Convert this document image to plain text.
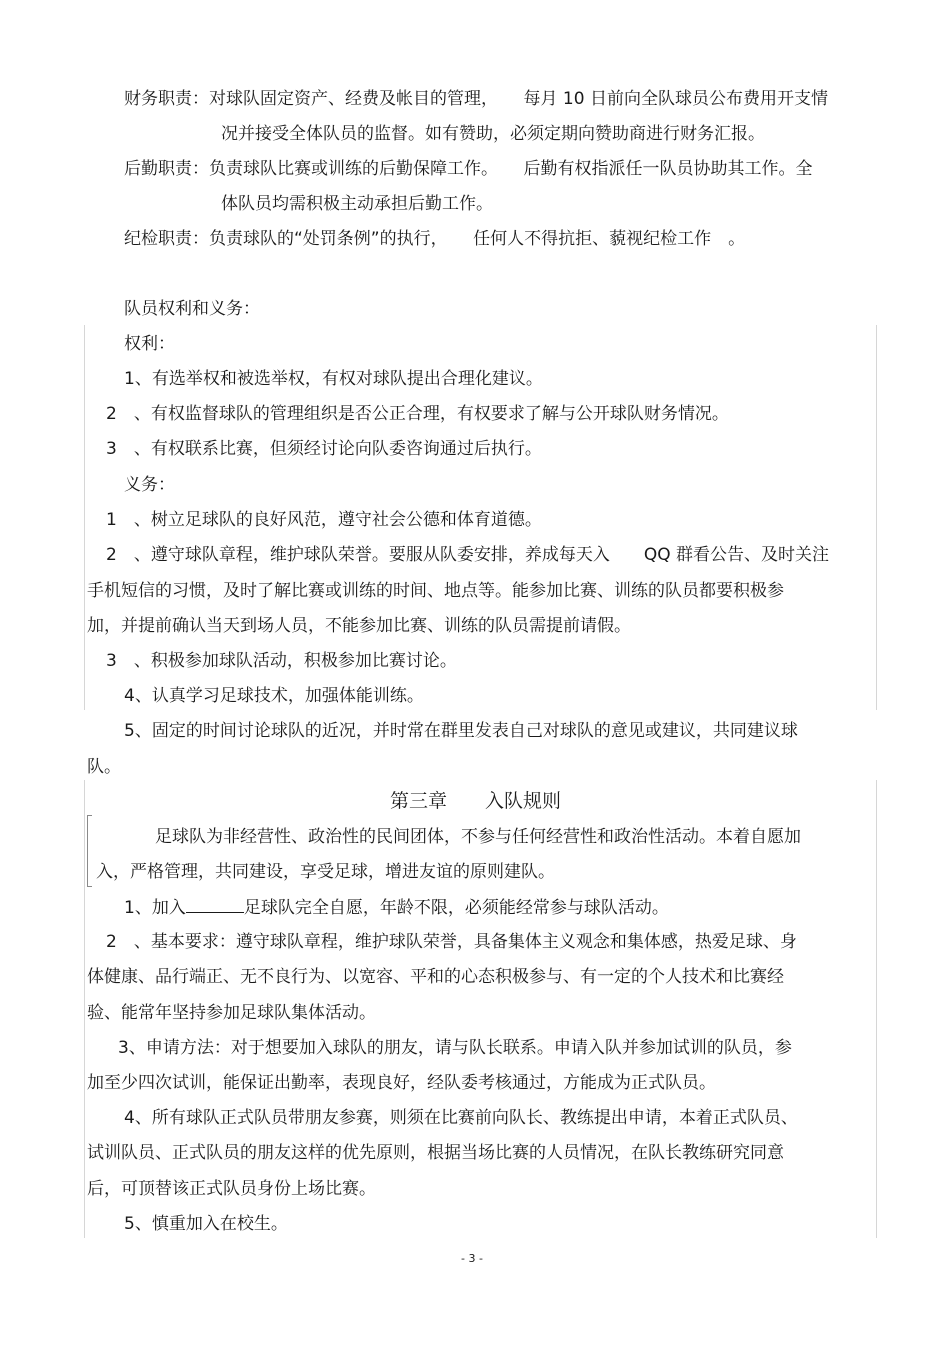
财务职责：对球队固定资产、经费及帐目的管理，　　每月 10 日前向全队球员公布费用开支情
况并接受全体队员的监督。如有赞助，必须定期向赞助商进行财务汇报。
后勤职责：负责球队比赛或训练的后勤保障工作。　　后勤有权指派任一队员协助其工作。全
体队员均需积极主动承担后勤工作。
纪检职责：负责球队的“处罚条例”的执行，　　任何人不得抗拒、藐视纪检工作　。
队员权利和义务：
权利：
1、有选举权和被选举权，有权对球队提出合理化建议。
2　、有权监督球队的管理组织是否公正合理，有权要求了解与公开球队财务情况。
3　、有权联系比赛，但须经讨论向队委咨询通过后执行。
义务：
1　、树立足球队的良好风范，遵守社会公德和体育道德。
2　、遵守球队章程，维护球队荣誉。要服从队委安排，养成每天入　　QQ 群看公告、及时关注
手机短信的习惯，及时了解比赛或训练的时间、地点等。能参加比赛、训练的队员都要积极参
加，并提前确认当天到场人员，不能参加比赛、训练的队员需提前请假。
3　、积极参加球队活动，积极参加比赛讨论。
4、认真学习足球技术，加强体能训练。
5、固定的时间讨论球队的近况，并时常在群里发表自己对球队的意见或建议，共同建议球
队。
第三章　　入队规则
足球队为非经营性、政治性的民间团体，不参与任何经营性和政治性活动。本着自愿加
入，严格管理，共同建设，享受足球，增进友谊的原则建队。
1、加入	足球队完全自愿，年龄不限，必须能经常参与球队活动。
2　、基本要求：遵守球队章程，维护球队荣誉，具备集体主义观念和集体感，热爱足球、身
体健康、品行端正、无不良行为、以宽容、平和的心态积极参与、有一定的个人技术和比赛经
验、能常年坚持参加足球队集体活动。
3、申请方法：对于想要加入球队的朋友，请与队长联系。申请入队并参加试训的队员，参
加至少四次试训，能保证出勤率，表现良好，经队委考核通过，方能成为正式队员。
4、所有球队正式队员带朋友参赛，则须在比赛前向队长、教练提出申请，本着正式队员、
试训队员、正式队员的朋友这样的优先原则，根据当场比赛的人员情况，在队长教练研究同意
后，可顶替该正式队员身份上场比赛。
5、慎重加入在校生。
- 3 -
